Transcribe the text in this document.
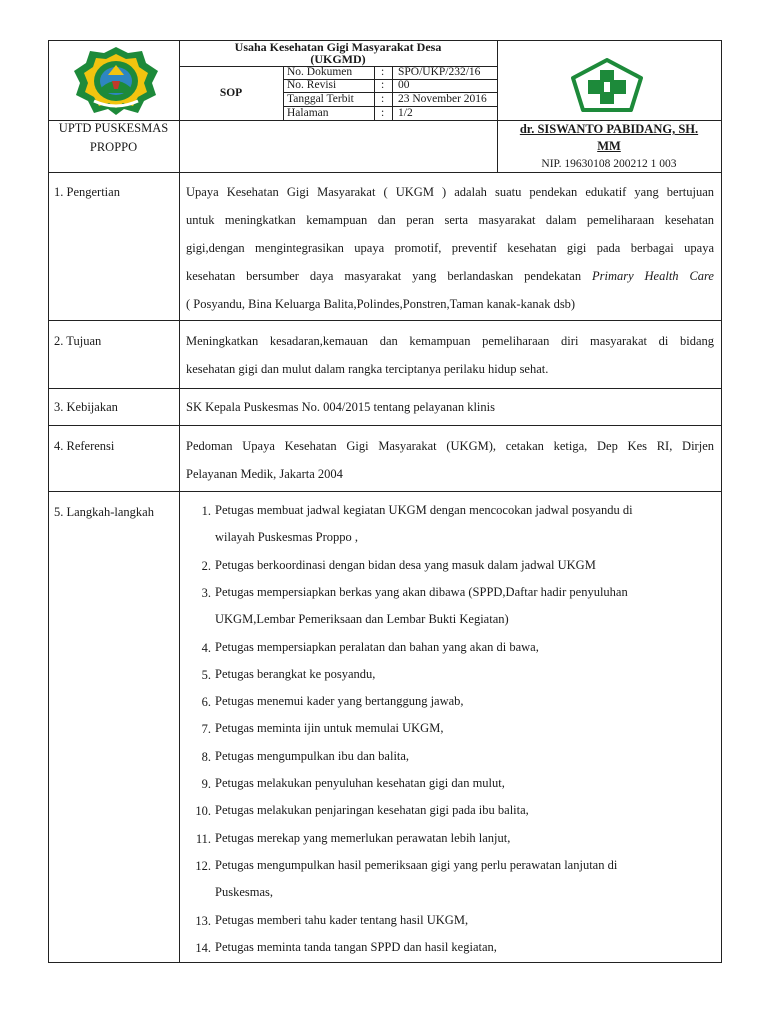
Usaha Kesehatan Gigi Masyarakat Desa
(UKGMD)
SOP
No. Dokumen	: SPO/UKP/232/16
No. Revisi	: 00
Tanggal Terbit : 23 November 2016
Halaman	: 1/2
UPTD PUSKESMAS
PROPPO
dr. SISWANTO PABIDANG, SH.
MM
NIP. 19630108 200212 1 003
1. Pengertian	Upaya Kesehatan Gigi Masyarakat ( UKGM ) adalah suatu pendekan edukatif yang bertujuan

untuk meningkatkan kemampuan dan peran serta masyarakat dalam pemeliharaan kesehatan

gigi,dengan mengintegrasikan upaya promotif, preventif kesehatan gigi pada berbagai upaya

kesehatan bersumber daya masyarakat yang berlandaskan pendekatan Primary Health Care

( Posyandu, Bina Keluarga Balita,Polindes,Ponstren,Taman kanak-kanak dsb)

2. Tujuan	Meningkatkan kesadaran,kemauan dan kemampuan pemeliharaan diri masyarakat di bidang

kesehatan gigi dan mulut dalam rangka terciptanya perilaku hidup sehat.

3. Kebijakan	SK Kepala Puskesmas No. 004/2015 tentang pelayanan klinis
4. Referensi	Pedoman Upaya Kesehatan Gigi Masyarakat (UKGM), cetakan ketiga, Dep Kes RI, Dirjen

Pelayanan Medik, Jakarta 2004

5. Langkah-langkah	1. Petugas membuat jadwal kegiatan UKGM dengan mencocokan jadwal posyandu di
wilayah Puskesmas Proppo ,
2. Petugas berkoordinasi dengan bidan desa yang masuk dalam jadwal UKGM
3. Petugas mempersiapkan berkas yang akan dibawa (SPPD,Daftar hadir penyuluhan
UKGM,Lembar Pemeriksaan dan Lembar Bukti Kegiatan)
4. Petugas mempersiapkan peralatan dan bahan yang akan di bawa,
5. Petugas berangkat ke posyandu,
6. Petugas menemui kader yang bertanggung jawab,
7. Petugas meminta ijin untuk memulai UKGM,
8. Petugas mengumpulkan ibu dan balita,
9. Petugas melakukan penyuluhan kesehatan gigi dan mulut,
10. Petugas melakukan penjaringan kesehatan gigi pada ibu balita,
11. Petugas merekap yang memerlukan perawatan lebih lanjut,
12. Petugas mengumpulkan hasil pemeriksaan gigi yang perlu perawatan lanjutan di
Puskesmas,
13. Petugas memberi tahu kader tentang hasil UKGM,
14. Petugas meminta tanda tangan SPPD dan hasil kegiatan,
